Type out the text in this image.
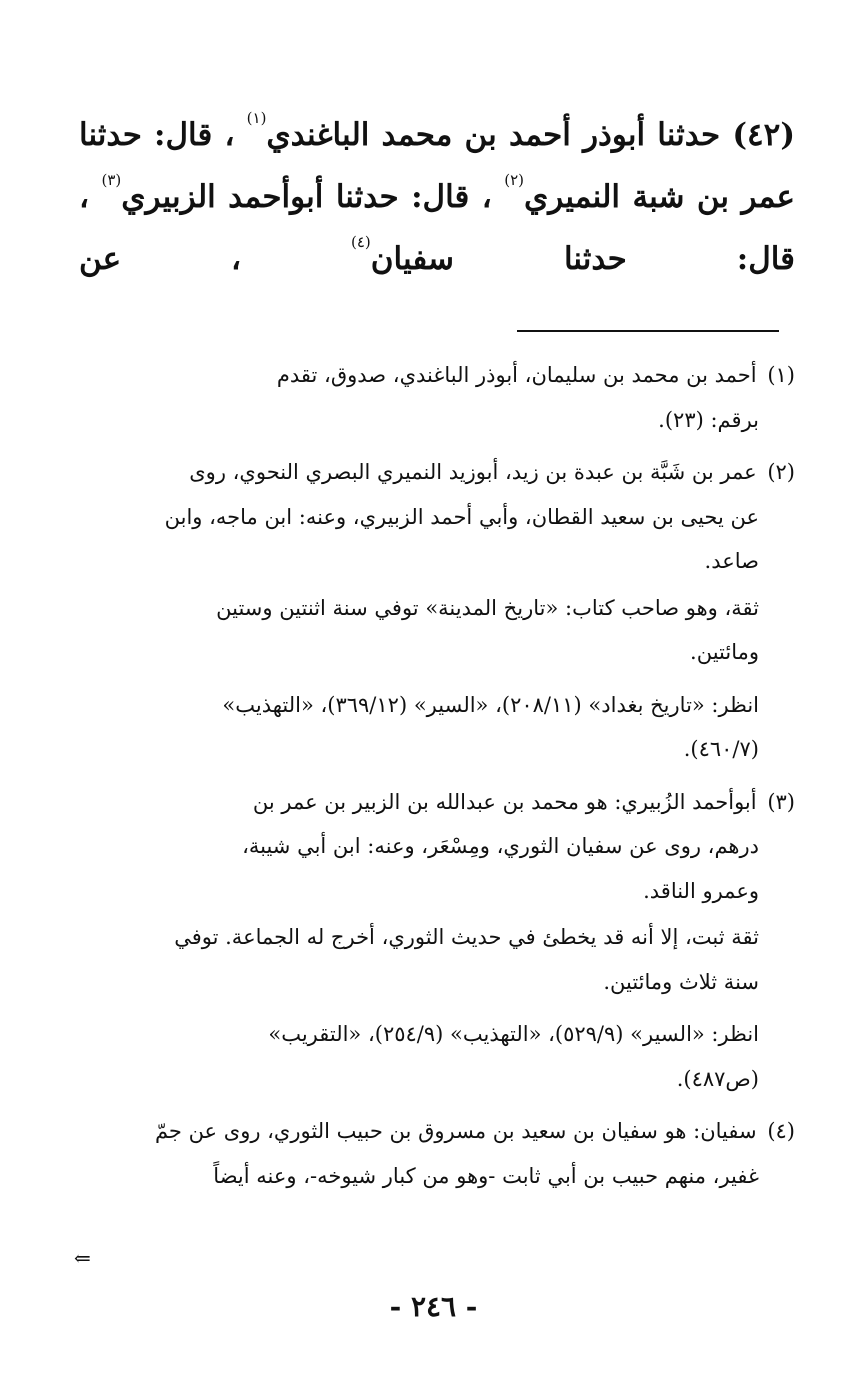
(٤٢) حدثنا أبوذر أحمد بن محمد الباغندي$^{(١)}$ ، قال: حدثنا عمر بن شبة النميري$^{(٢)}$ ، قال: حدثنا أبوأحمد الزبيري$^{(٣)}$ ، قال: حدثنا سفيان$^{(٤)}$ ، عن

(١) أحمد بن محمد بن سليمان، أبوذر الباغندي، صدوق، تقدم
برقم: (٢٣).
(٢) عمر بن شَبَّة بن عبدة بن زيد، أبوزيد النميري البصري النحوي، روى
عن يحيى بن سعيد القطان، وأبي أحمد الزبيري، وعنه: ابن ماجه، وابن
صاعد.
ثقة، وهو صاحب كتاب: «تاريخ المدينة» توفي سنة اثنتين وستين
ومائتين.
انظر: «تاريخ بغداد» (٢٠٨/١١)، «السير» (٣٦٩/١٢)، «التهذيب»
(٤٦٠/٧).
(٣) أبوأحمد الزُبيري: هو محمد بن عبدالله بن الزبير بن عمر بن
درهم، روى عن سفيان الثوري، ومِسْعَر، وعنه: ابن أبي شيبة،
وعمرو الناقد.
ثقة ثبت، إلا أنه قد يخطئ في حديث الثوري، أخرج له الجماعة. توفي
سنة ثلاث ومائتين.
انظر: «السير» (٥٢٩/٩)، «التهذيب» (٢٥٤/٩)، «التقريب»
(ص٤٨٧).
(٤) سفيان: هو سفيان بن سعيد بن مسروق بن حبيب الثوري، روى عن جمّ
غفير، منهم حبيب بن أبي ثابت -وهو من كبار شيوخه-، وعنه أيضاً
⇐
- ٢٤٦ -
